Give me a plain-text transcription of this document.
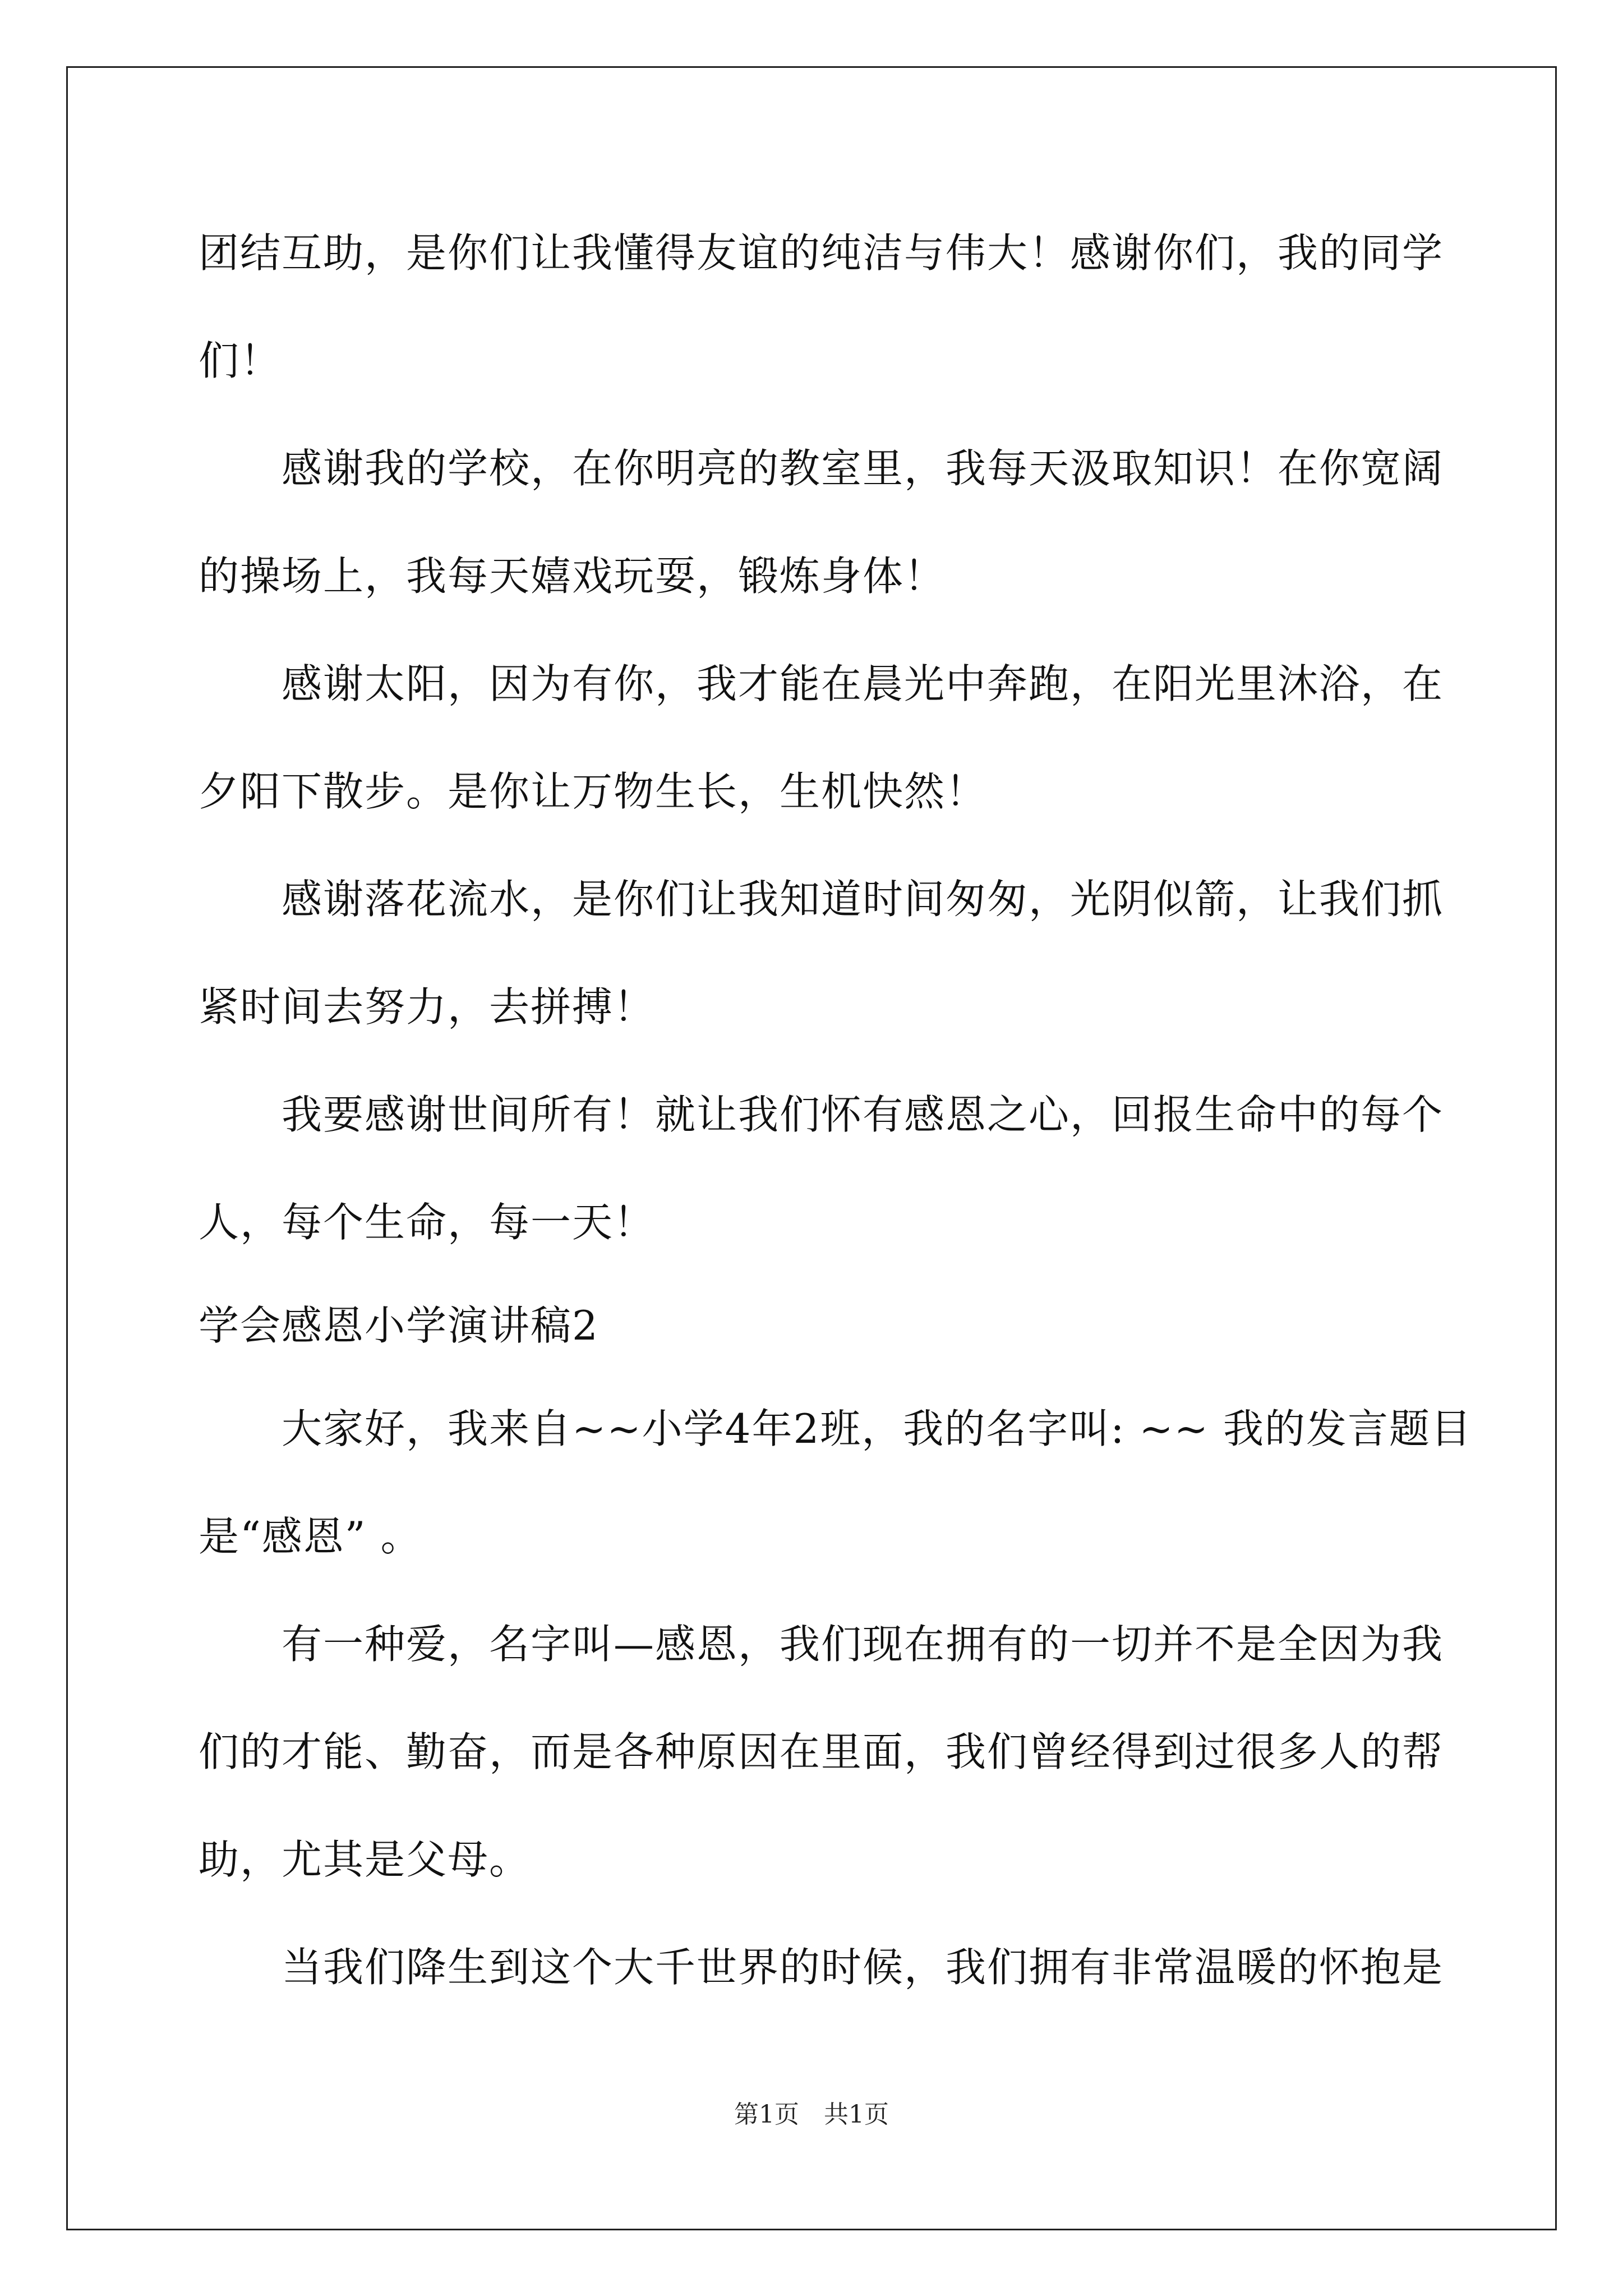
团结互助，是你们让我懂得友谊的纯洁与伟大！感谢你们，我的同学
们！
感谢我的学校，在你明亮的教室里，我每天汲取知识！在你宽阔
的操场上，我每天嬉戏玩耍，锻炼身体！
感谢太阳，因为有你，我才能在晨光中奔跑，在阳光里沐浴，在
夕阳下散步。是你让万物生长，生机快然！
感谢落花流水，是你们让我知道时间匆匆，光阴似箭，让我们抓
紧时间去努力，去拼搏！
我要感谢世间所有！就让我们怀有感恩之心，回报生命中的每个
人，每个生命，每一天！
学会感恩小学演讲稿2
大家好，我来自~~小学4年2班，我的名字叫: ~~ 我的发言题目
是“感恩” 。
有一种爱，名字叫—感恩，我们现在拥有的一切并不是全因为我
们的才能、勤奋，而是各种原因在里面，我们曾经得到过很多人的帮
助，尤其是父母。
当我们降生到这个大千世界的时候，我们拥有非常温暖的怀抱是
第1页　共1页
